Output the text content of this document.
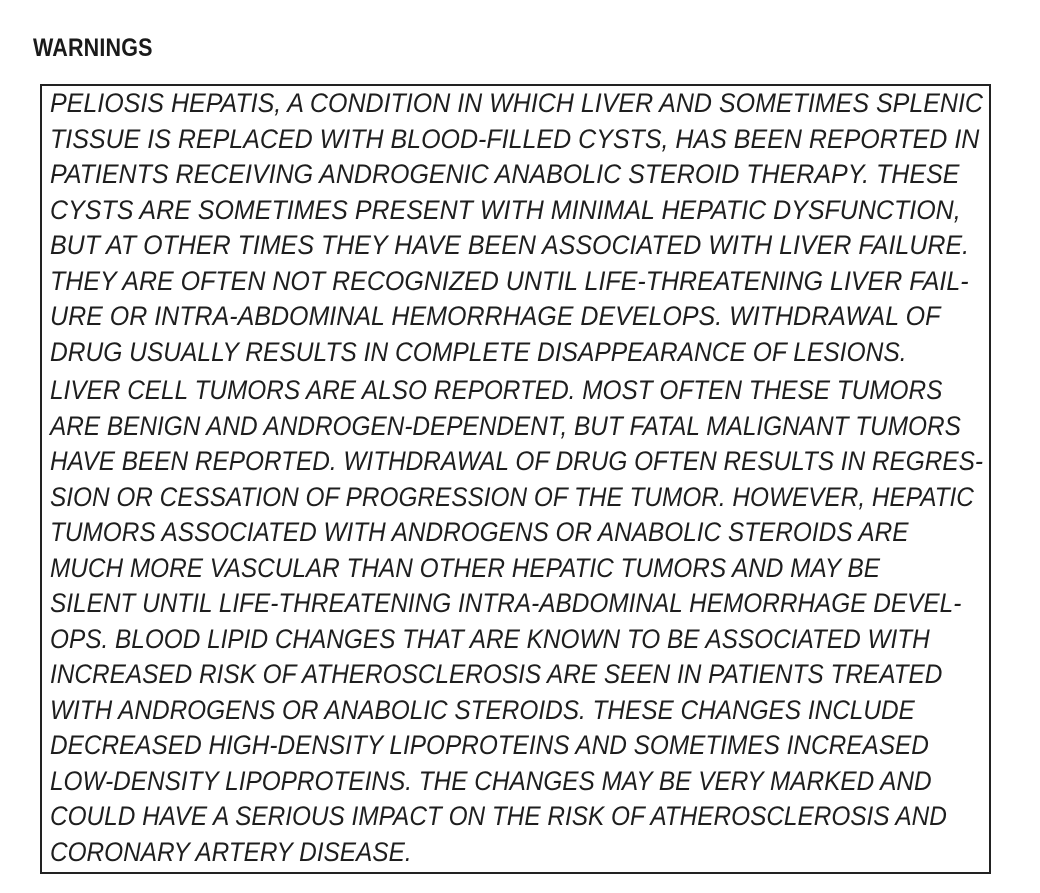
WARNINGS
PELIOSIS HEPATIS, A CONDITION IN WHICH LIVER AND SOMETIMES SPLENIC
TISSUE IS REPLACED WITH BLOOD-FILLED CYSTS, HAS BEEN REPORTED IN
PATIENTS RECEIVING ANDROGENIC ANABOLIC STEROID THERAPY. THESE
CYSTS ARE SOMETIMES PRESENT WITH MINIMAL HEPATIC DYSFUNCTION,
BUT AT OTHER TIMES THEY HAVE BEEN ASSOCIATED WITH LIVER FAILURE.
THEY ARE OFTEN NOT RECOGNIZED UNTIL LIFE-THREATENING LIVER FAIL-
URE OR INTRA-ABDOMINAL HEMORRHAGE DEVELOPS. WITHDRAWAL OF
DRUG USUALLY RESULTS IN COMPLETE DISAPPEARANCE OF LESIONS.
LIVER CELL TUMORS ARE ALSO REPORTED. MOST OFTEN THESE TUMORS
ARE BENIGN AND ANDROGEN-DEPENDENT, BUT FATAL MALIGNANT TUMORS
HAVE BEEN REPORTED. WITHDRAWAL OF DRUG OFTEN RESULTS IN REGRES-
SION OR CESSATION OF PROGRESSION OF THE TUMOR. HOWEVER, HEPATIC
TUMORS ASSOCIATED WITH ANDROGENS OR ANABOLIC STEROIDS ARE
MUCH MORE VASCULAR THAN OTHER HEPATIC TUMORS AND MAY BE
SILENT UNTIL LIFE-THREATENING INTRA-ABDOMINAL HEMORRHAGE DEVEL-
OPS. BLOOD LIPID CHANGES THAT ARE KNOWN TO BE ASSOCIATED WITH
INCREASED RISK OF ATHEROSCLEROSIS ARE SEEN IN PATIENTS TREATED
WITH ANDROGENS OR ANABOLIC STEROIDS. THESE CHANGES INCLUDE
DECREASED HIGH-DENSITY LIPOPROTEINS AND SOMETIMES INCREASED
LOW-DENSITY LIPOPROTEINS. THE CHANGES MAY BE VERY MARKED AND
COULD HAVE A SERIOUS IMPACT ON THE RISK OF ATHEROSCLEROSIS AND
CORONARY ARTERY DISEASE.
